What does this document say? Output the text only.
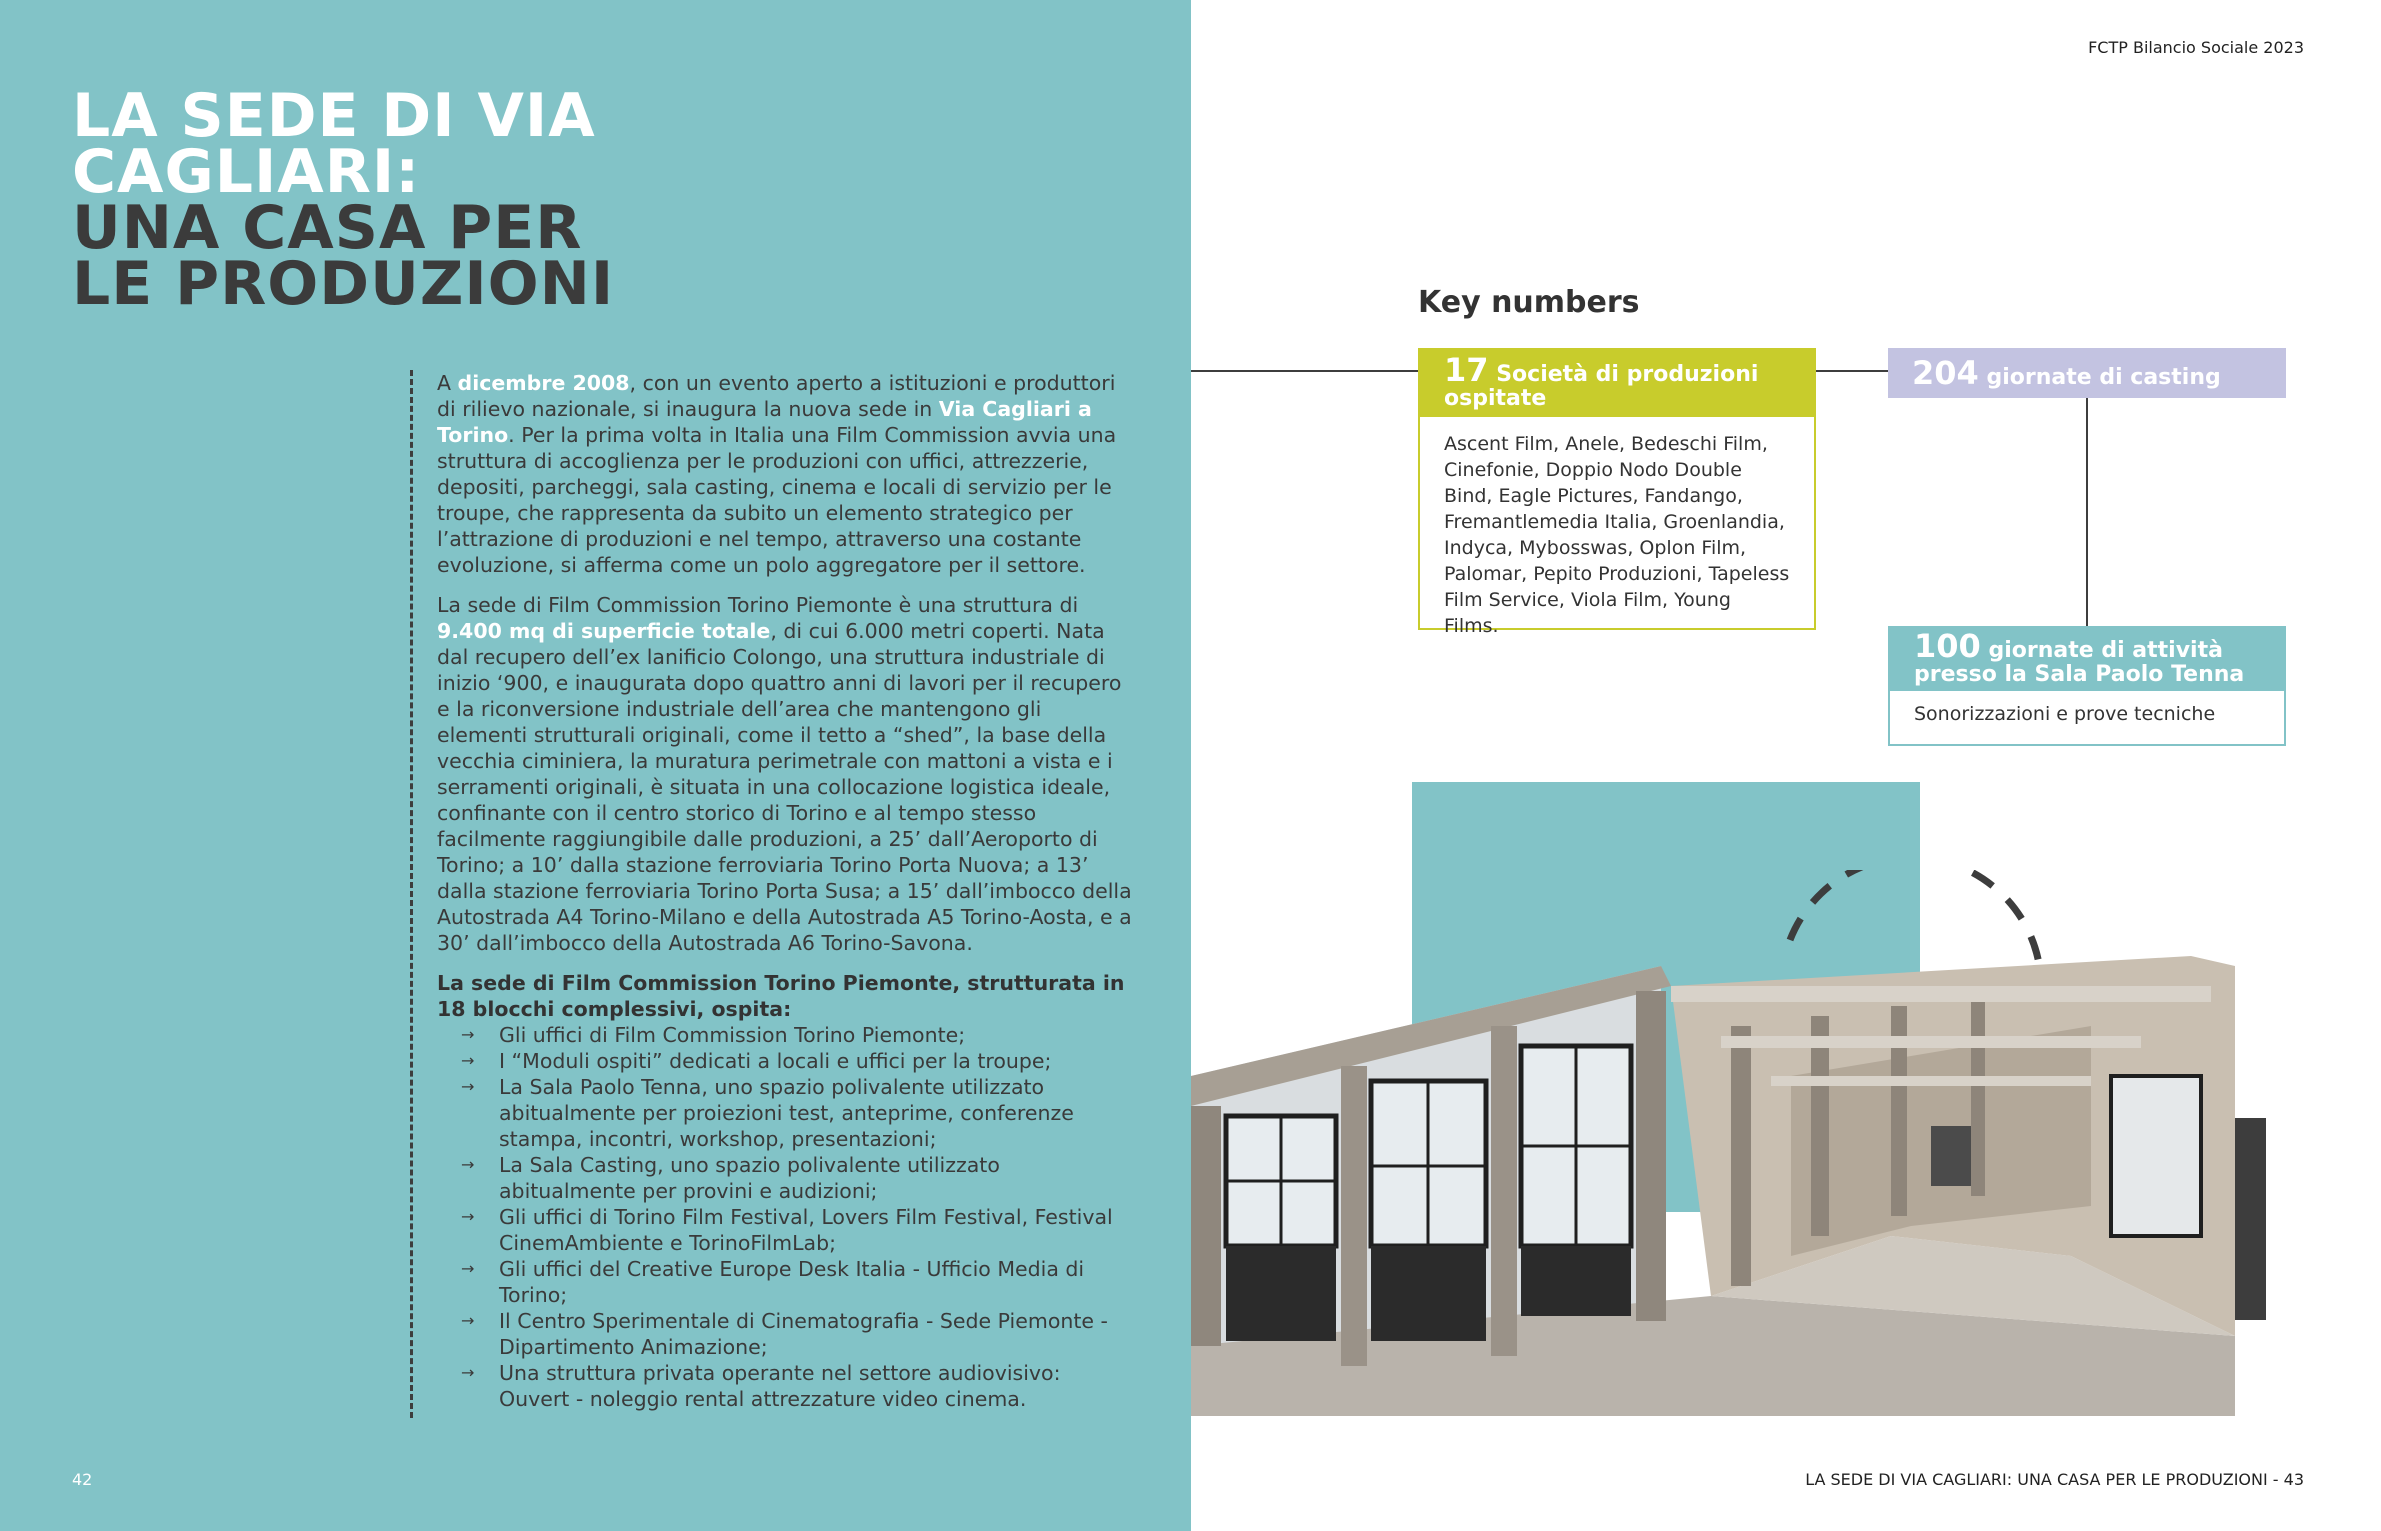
LA SEDE DI VIA
CAGLIARI:
UNA CASA PER
LE PRODUZIONI

A dicembre 2008, con un evento aperto a istituzioni e produttori di rilievo nazionale, si inaugura la nuova sede in Via Cagliari a Torino. Per la prima volta in Italia una Film Commission avvia una struttura di accoglienza per le produzioni con uffici, attrezzerie, depositi, parcheggi, sala casting, cinema e locali di servizio per le troupe, che rappresenta da subito un elemento strategico per l’attrazione di produzioni e nel tempo, attraverso una costante evoluzione, si afferma come un polo aggregatore per il settore.

La sede di Film Commission Torino Piemonte è una struttura di 9.400 mq di superficie totale, di cui 6.000 metri coperti. Nata dal recupero dell’ex lanificio Colongo, una struttura industriale di inizio ‘900, e inaugurata dopo quattro anni di lavori per il recupero e la riconversione industriale dell’area che mantengono gli elementi strutturali originali, come il tetto a “shed”, la base della vecchia ciminiera, la muratura perimetrale con mattoni a vista e i serramenti originali, è situata in una collocazione logistica ideale, confinante con il centro storico di Torino e al tempo stesso facilmente raggiungibile dalle produzioni, a 25’ dall’Aeroporto di Torino; a 10’ dalla stazione ferroviaria Torino Porta Nuova; a 13’ dalla stazione ferroviaria Torino Porta Susa; a 15’ dall’imbocco della Autostrada A4 Torino-Milano e della Autostrada A5 Torino-Aosta, e a 30’ dall’imbocco della Autostrada A6 Torino-Savona.

La sede di Film Commission Torino Piemonte, strutturata in 18 blocchi complessivi, ospita:
→ Gli uffici di Film Commission Torino Piemonte;
→ I “Moduli ospiti” dedicati a locali e uffici per la troupe;
→ La Sala Paolo Tenna, uno spazio polivalente utilizzato abitualmente per proiezioni test, anteprime, conferenze stampa, incontri, workshop, presentazioni;
→ La Sala Casting, uno spazio polivalente utilizzato abitualmente per provini e audizioni;
→ Gli uffici di Torino Film Festival, Lovers Film Festival, Festival CinemAmbiente e TorinoFilmLab;
→ Gli uffici del Creative Europe Desk Italia - Ufficio Media di Torino;
→ Il Centro Sperimentale di Cinematografia - Sede Piemonte - Dipartimento Animazione;
→ Una struttura privata operante nel settore audiovisivo: Ouvert - noleggio rental attrezzature video cinema.
42
FCTP Bilancio Sociale 2023
Key numbers
17 Società di produzioni ospitate
Ascent Film, Anele, Bedeschi Film, Cinefonie, Doppio Nodo Double Bind, Eagle Pictures, Fandango, Fremantlemedia Italia, Groenlandia, Indyca, Mybosswas, Oplon Film, Palomar, Pepito Produzioni, Tapeless Film Service, Viola Film, Young Films.
204 giornate di casting
100 giornate di attività
presso la Sala Paolo Tenna
Sonorizzazioni e prove tecniche
LA SEDE DI VIA CAGLIARI: UNA CASA PER LE PRODUZIONI - 43
